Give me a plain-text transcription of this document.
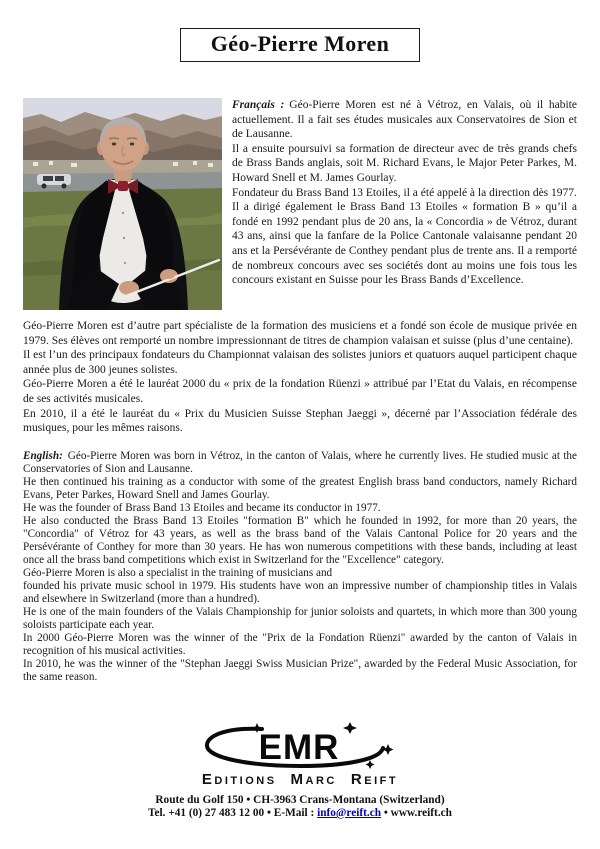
Géo-Pierre Moren

Français : Géo-Pierre Moren est né à Vétroz, en Valais, où il habite actuellement. Il a fait ses études musicales aux Conservatoires de Sion et de Lausanne.

Il a ensuite poursuivi sa formation de directeur avec de très grands chefs de Brass Bands anglais, soit M. Richard Evans, le Major Peter Parkes, M. Howard Snell et M. James Gourlay.

Fondateur du Brass Band 13 Etoiles, il a été appelé à la direction dès 1977.

Il a dirigé également le Brass Band 13 Etoiles « formation B » qu’il a fondé en 1992 pendant plus de 20 ans, la « Concordia » de Vétroz, durant 43 ans, ainsi que la fanfare de la Police Cantonale valaisanne pendant 20 ans et la Persévérante de Conthey pendant plus de trente ans. Il a remporté de nombreux concours avec ses sociétés dont au moins une fois tous les concours existant en Suisse pour les Brass Bands d’Excellence.

Géo-Pierre Moren est d’autre part spécialiste de la formation des musiciens et a fondé son école de musique privée en 1979. Ses élèves ont remporté un nombre impressionnant de titres de champion valaisan et suisse (plus d’une centaine).

Il est l’un des principaux fondateurs du Championnat valaisan des solistes juniors et quatuors auquel participent chaque année plus de 300 jeunes solistes.

Géo-Pierre Moren a été le lauréat 2000 du « prix de la fondation Rüenzi » attribué par l’Etat du Valais, en récompense de ses activités musicales.

En 2010, il a été le lauréat du « Prix du Musicien Suisse Stephan Jaeggi », décerné par l’Association fédérale des musiques, pour les mêmes raisons.

English: Géo-Pierre Moren was born in Vétroz, in the canton of Valais, where he currently lives. He studied music at the Conservatories of Sion and Lausanne.

He then continued his training as a conductor with some of the greatest English brass band conductors, namely Richard Evans, Peter Parkes, Howard Snell and James Gourlay.

He was the founder of Brass Band 13 Etoiles and became its conductor in 1977.

He also conducted the Brass Band 13 Etoiles "formation B" which he founded in 1992, for more than 20 years, the "Concordia" of Vétroz for 43 years, as well as the brass band of the Valais Cantonal Police for 20 years and the Persévérante of Conthey for more than 30 years. He has won numerous competitions with these bands, including at least once all the brass band competitions which exist in Switzerland for the "Excellence" category.

Géo-Pierre Moren is also a specialist in the training of musicians and

founded his private music school in 1979. His students have won an impressive number of championship titles in Valais and elsewhere in Switzerland (more than a hundred).

He is one of the main founders of the Valais Championship for junior soloists and quartets, in which more than 300 young soloists participate each year.

In 2000 Géo-Pierre Moren was the winner of the "Prix de la Fondation Rüenzi" awarded by the canton of Valais in recognition of his musical activities.

In 2010, he was the winner of the "Stephan Jaeggi Swiss Musician Prize", awarded by the Federal Music Association, for the same reason.

EMR
EDITIONS MARC REIFT
Route du Golf 150 • CH-3963 Crans-Montana (Switzerland)
Tel. +41 (0) 27 483 12 00 • E-Mail : info@reift.ch • www.reift.ch
